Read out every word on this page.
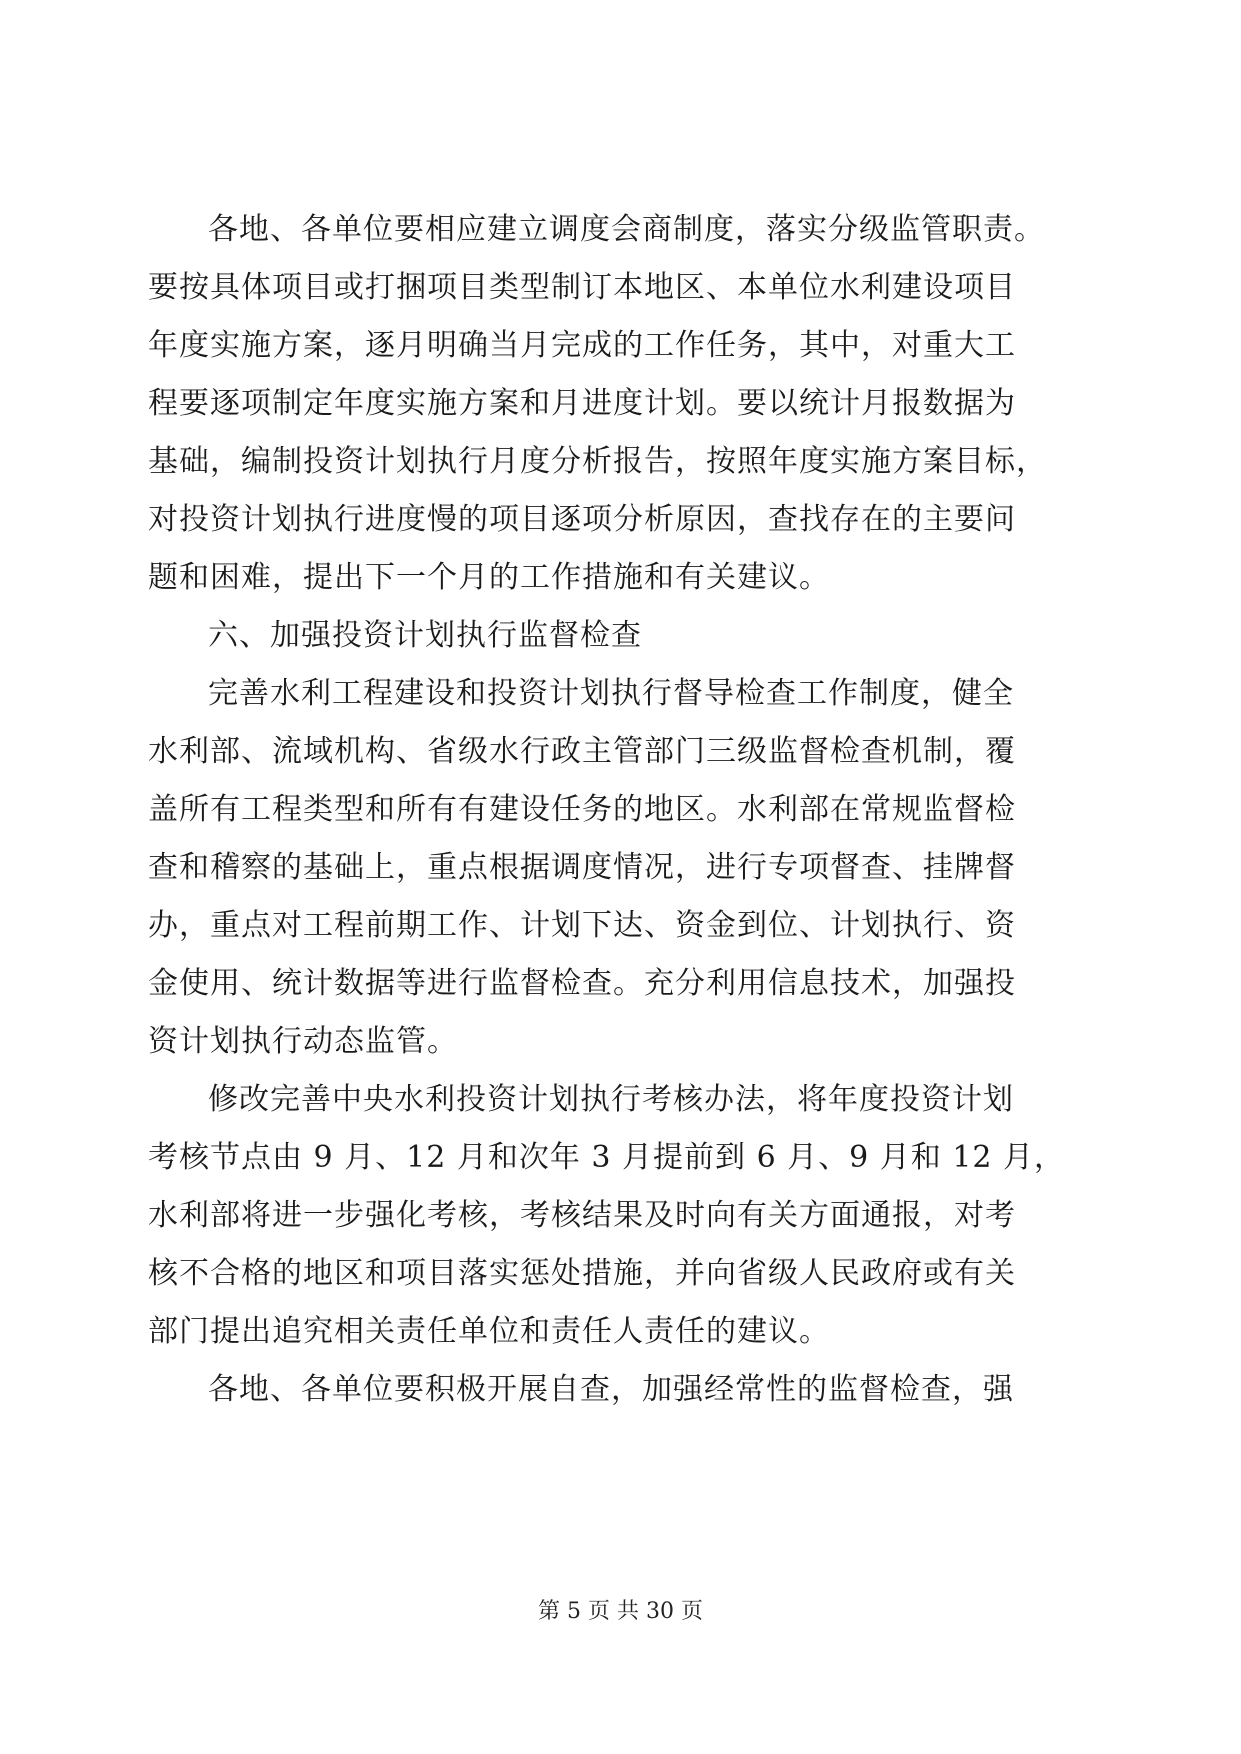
各地、各单位要相应建立调度会商制度，落实分级监管职责。
要按具体项目或打捆项目类型制订本地区、本单位水利建设项目
年度实施方案，逐月明确当月完成的工作任务，其中，对重大工
程要逐项制定年度实施方案和月进度计划。要以统计月报数据为
基础，编制投资计划执行月度分析报告，按照年度实施方案目标，
对投资计划执行进度慢的项目逐项分析原因，查找存在的主要问
题和困难，提出下一个月的工作措施和有关建议。
六、加强投资计划执行监督检查
完善水利工程建设和投资计划执行督导检查工作制度，健全
水利部、流域机构、省级水行政主管部门三级监督检查机制，覆
盖所有工程类型和所有有建设任务的地区。水利部在常规监督检
查和稽察的基础上，重点根据调度情况，进行专项督查、挂牌督
办，重点对工程前期工作、计划下达、资金到位、计划执行、资
金使用、统计数据等进行监督检查。充分利用信息技术，加强投
资计划执行动态监管。
修改完善中央水利投资计划执行考核办法，将年度投资计划
考核节点由 9 月、12 月和次年 3 月提前到 6 月、9 月和 12 月，
水利部将进一步强化考核，考核结果及时向有关方面通报，对考
核不合格的地区和项目落实惩处措施，并向省级人民政府或有关
部门提出追究相关责任单位和责任人责任的建议。
各地、各单位要积极开展自查，加强经常性的监督检查，强
第 5 页 共 30 页
